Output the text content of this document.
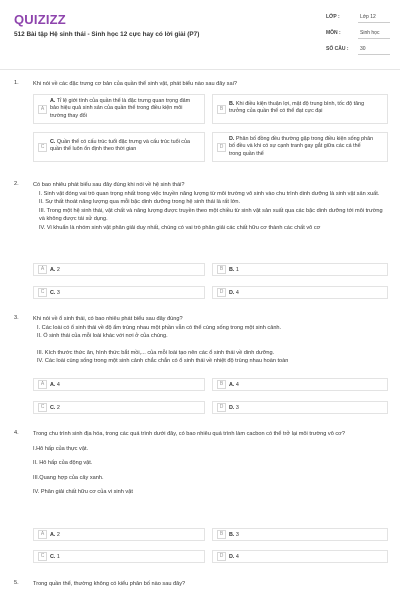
QUIZIZZ
512 Bài tập Hệ sinh thái - Sinh học 12 cực hay có lời giải (P7)
LỚP :	Lớp 12
MÔN :	Sinh học
SỐ CÂU : 30
1.	Khi nói về các đặc trưng cơ bản của quần thể sinh vật, phát biểu nào sau đây sai?
A
A. Tỉ lệ giới tính của quần thể là đặc trưng quan trọng đảm bảo hiệu quả sinh sản của quần thể trong điều kiện môi trường thay đổi
B
B. Khi điều kiện thuận lợi, mật độ trung bình, tốc độ tăng trưởng của quần thể có thể đạt cực đại
C
C. Quần thể có cấu trúc tuổi đặc trưng và cấu trúc tuổi của quần thể luôn ổn định theo thời gian	D
D. Phân bố đồng đều thường gặp trong điều kiện sống phân bố đều và khi có sự cạnh tranh gay gắt giữa các cá thể trong quần thể
2.	Có bao nhiêu phát biểu sau đây đúng khi nói về hệ sinh thái?
I. Sinh vật đóng vai trò quan trọng nhất trong việc truyền năng lượng từ môi trường vô sinh vào chu trình dinh dưỡng là sinh vật sản xuất.
II. Sự thất thoát năng lượng qua mỗi bậc dinh dưỡng trong hệ sinh thái là rất lớn.
III. Trong một hệ sinh thái, vật chất và năng lượng được truyền theo một chiều từ sinh vật sản xuất qua các bậc dinh dưỡng tới môi trường và không được tái sử dụng.
IV. Vi khuẩn là nhóm sinh vật phân giải duy nhất, chúng có vai trò phân giải các chất hữu cơ thành các chất vô cơ
A	A. 2	B	B. 1
C	C. 3	D	D. 4
3.	Khi nói về ổ sinh thái, có bao nhiêu phát biểu sau đây đúng?
I. Các loài có ổ sinh thái về độ ẩm trùng nhau một phần vẫn có thể cùng sống trong một sinh cảnh.
II. Ổ sinh thái của mỗi loài khác với nơi ở của chúng.
III. Kích thước thức ăn, hình thức bắt mồi,... của mỗi loài tạo nên các ổ sinh thái về dinh dưỡng.
IV. Các loài cùng sống trong một sinh cảnh chắc chắn có ổ sinh thái về nhiệt độ trùng nhau hoàn toàn
A	A. 4	B	A. 4
C	C. 2	D	D. 3
4.	Trong chu trình sinh địa hóa, trong các quá trình dưới đây, có bao nhiêu quá trình làm cacbon có thể trở lại môi trường vô cơ?
I.Hô hấp của thực vật.
II. Hô hấp của động vật.
III.Quang hợp của cây xanh.
IV. Phân giải chất hữu cơ của vi sinh vật
A	A. 2	B	B. 3
C	C. 1	D	D. 4
5.	Trong quần thể, thường không có kiểu phân bố nào sau đây?
